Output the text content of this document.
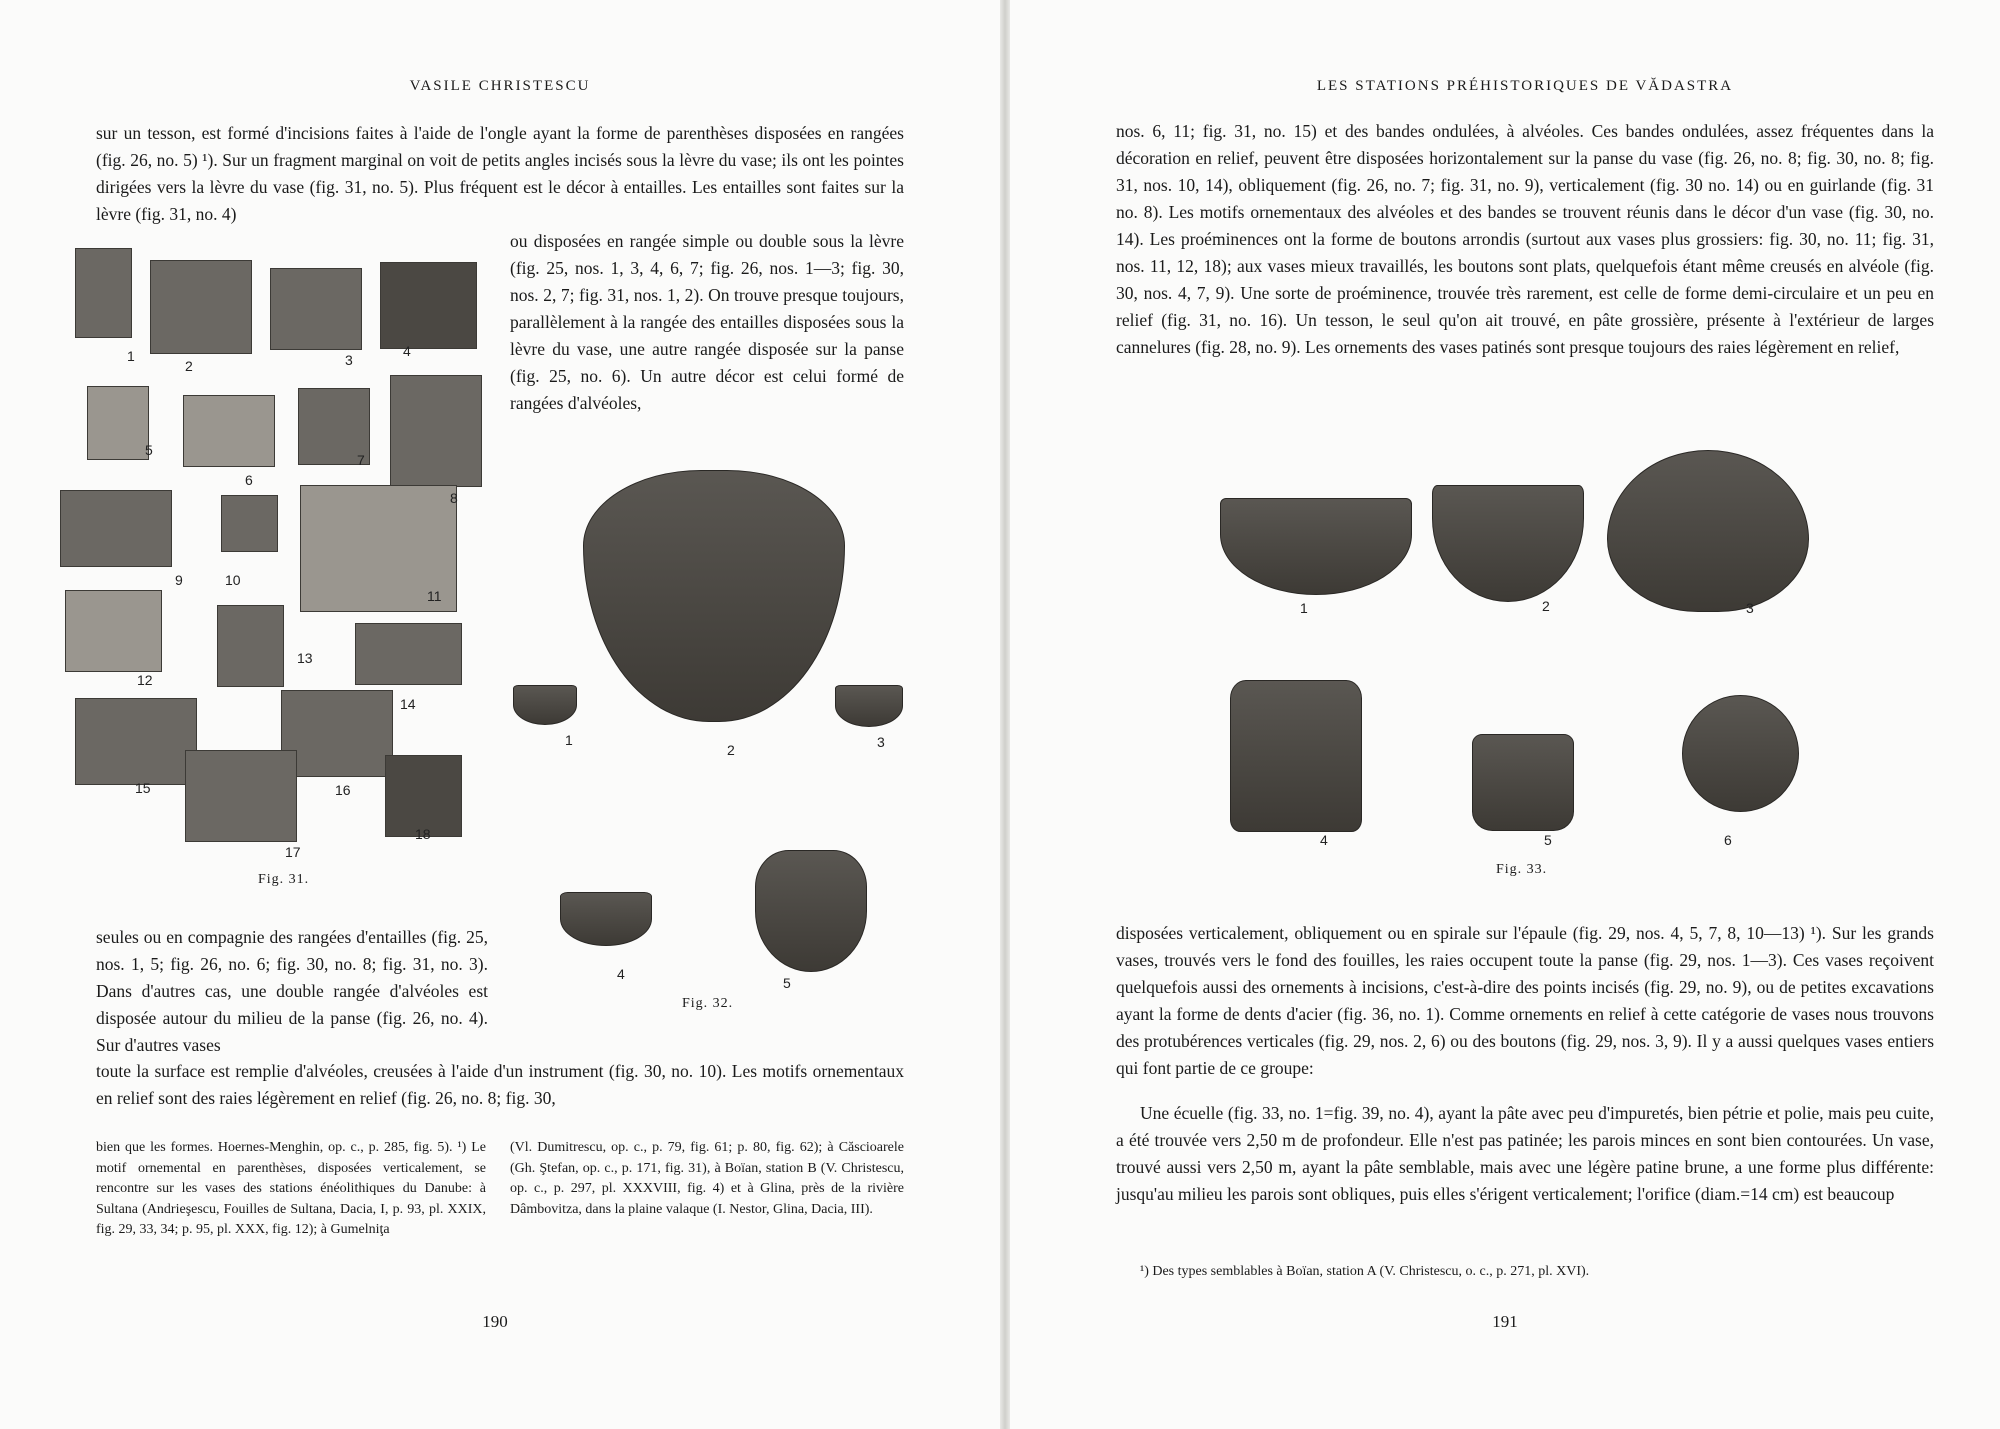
VASILE CHRISTESCU

sur un tesson, est formé d'incisions faites à l'aide de l'ongle ayant la forme de parenthèses disposées en rangées (fig. 26, no. 5) ¹). Sur un fragment marginal on voit de petits angles incisés sous la lèvre du vase; ils ont les pointes dirigées vers la lèvre du vase (fig. 31, no. 5). Plus fréquent est le décor à entailles. Les entailles sont faites sur la lèvre (fig. 31, no. 4)

ou disposées en rangée simple ou double sous la lèvre (fig. 25, nos. 1, 3, 4, 6, 7; fig. 26, nos. 1—3; fig. 30, nos. 2, 7; fig. 31, nos. 1, 2). On trouve presque toujours, parallèlement à la rangée des entailles disposées sous la lèvre du vase, une autre rangée disposée sur la panse (fig. 25, no. 6). Un autre décor est celui formé de rangées d'alvéoles,

1
2	3
4
5
6
7
8
9	10
11
12
13
14
15	16
17
18
Fig. 31.
1
2	3
4
5
Fig. 32.

seules ou en compagnie des rangées d'entailles (fig. 25, nos. 1, 5; fig. 26, no. 6; fig. 30, no. 8; fig. 31, no. 3). Dans d'autres cas, une double rangée d'alvéoles est disposée autour du milieu de la panse (fig. 26, no. 4). Sur d'autres vases

toute la surface est remplie d'alvéoles, creusées à l'aide d'un instrument (fig. 30, no. 10). Les motifs ornementaux en relief sont des raies légèrement en relief (fig. 26, no. 8; fig. 30,

bien que les formes. Hoernes-Menghin, op. c., p. 285, fig. 5). ¹) Le motif ornemental en parenthèses, disposées verticalement, se rencontre sur les vases des stations énéolithiques du Danube: à Sultana (Andrieşescu, Fouilles de Sultana, Dacia, I, p. 93, pl. XXIX, fig. 29, 33, 34; p. 95, pl. XXX, fig. 12); à Gumelniţa

(Vl. Dumitrescu, op. c., p. 79, fig. 61; p. 80, fig. 62); à Căscioarele (Gh. Ştefan, op. c., p. 171, fig. 31), à Boïan, station B (V. Christescu, op. c., p. 297, pl. XXXVIII, fig. 4) et à Glina, près de la rivière Dâmbovitza, dans la plaine valaque (I. Nestor, Glina, Dacia, III).

190
LES STATIONS PRÉHISTORIQUES DE VĂDASTRA

nos. 6, 11; fig. 31, no. 15) et des bandes ondulées, à alvéoles. Ces bandes ondulées, assez fréquentes dans la décoration en relief, peuvent être disposées horizontalement sur la panse du vase (fig. 26, no. 8; fig. 30, no. 8; fig. 31, nos. 10, 14), obliquement (fig. 26, no. 7; fig. 31, no. 9), verticalement (fig. 30 no. 14) ou en guirlande (fig. 31 no. 8). Les motifs ornementaux des alvéoles et des bandes se trouvent réunis dans le décor d'un vase (fig. 30, no. 14). Les proéminences ont la forme de boutons arrondis (surtout aux vases plus grossiers: fig. 30, no. 11; fig. 31, nos. 11, 12, 18); aux vases mieux travaillés, les boutons sont plats, quelquefois étant même creusés en alvéole (fig. 30, nos. 4, 7, 9). Une sorte de proéminence, trouvée très rarement, est celle de forme demi-circulaire et un peu en relief (fig. 31, no. 16). Un tesson, le seul qu'on ait trouvé, en pâte grossière, présente à l'extérieur de larges cannelures (fig. 28, no. 9). Les ornements des vases patinés sont presque toujours des raies légèrement en relief,

1	2	3
4	5	6
Fig. 33.

disposées verticalement, obliquement ou en spirale sur l'épaule (fig. 29, nos. 4, 5, 7, 8, 10—13) ¹). Sur les grands vases, trouvés vers le fond des fouilles, les raies occupent toute la panse (fig. 29, nos. 1—3). Ces vases reçoivent quelquefois aussi des ornements à incisions, c'est-à-dire des points incisés (fig. 29, no. 9), ou de petites excavations ayant la forme de dents d'acier (fig. 36, no. 1). Comme ornements en relief à cette catégorie de vases nous trouvons des protubérences verticales (fig. 29, nos. 2, 6) ou des boutons (fig. 29, nos. 3, 9). Il y a aussi quelques vases entiers qui font partie de ce groupe:

Une écuelle (fig. 33, no. 1=fig. 39, no. 4), ayant la pâte avec peu d'impuretés, bien pétrie et polie, mais peu cuite, a été trouvée vers 2,50 m de profondeur. Elle n'est pas patinée; les parois minces en sont bien contourées. Un vase, trouvé aussi vers 2,50 m, ayant la pâte semblable, mais avec une légère patine brune, a une forme plus différente: jusqu'au milieu les parois sont obliques, puis elles s'érigent verticalement; l'orifice (diam.=14 cm) est beaucoup

¹) Des types semblables à Boïan, station A (V. Christescu, o. c., p. 271, pl. XVI).

191
